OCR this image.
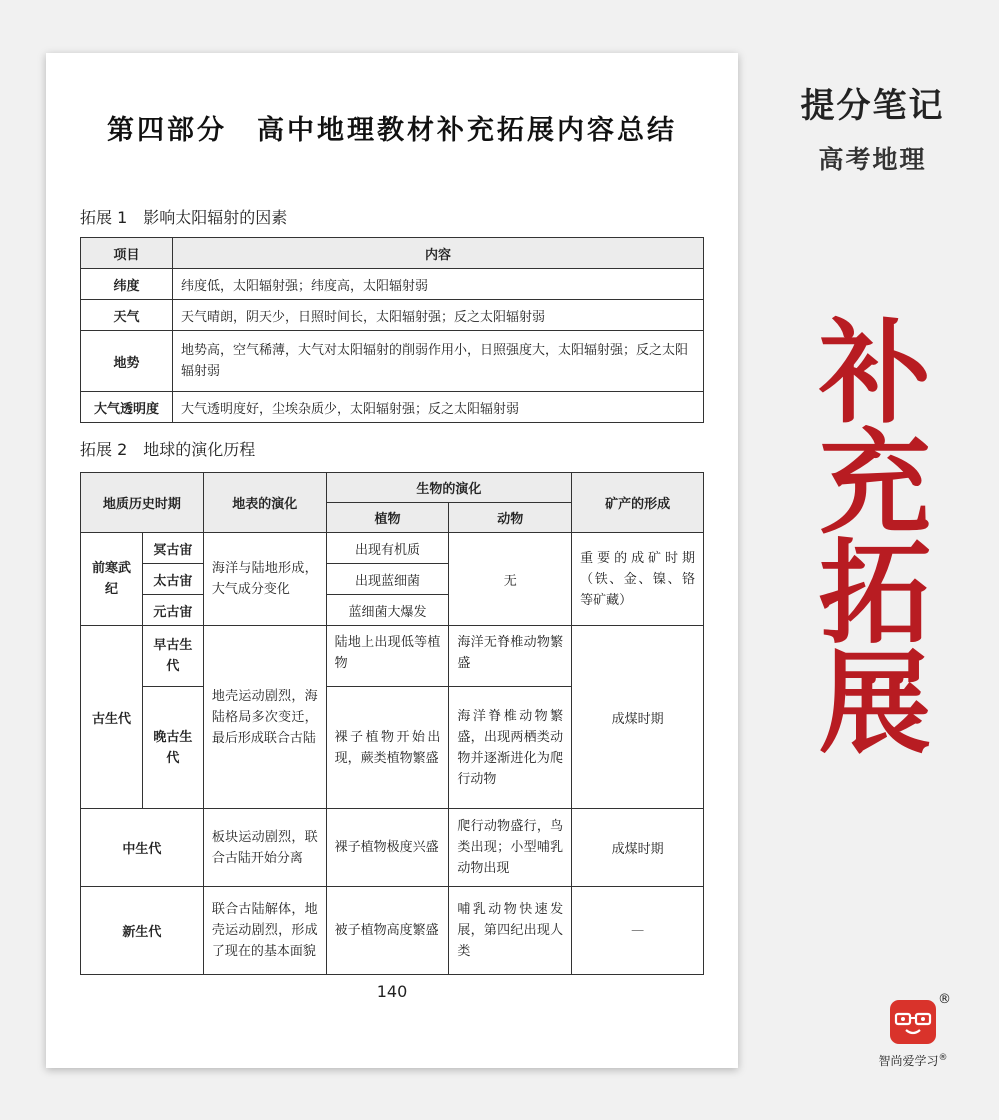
第四部分　高中地理教材补充拓展内容总结
拓展 1　影响太阳辐射的因素
项目	内容
纬度	纬度低，太阳辐射强；纬度高，太阳辐射弱
天气	天气晴朗，阴天少，日照时间长，太阳辐射强；反之太阳辐射弱
地势	地势高，空气稀薄，大气对太阳辐射的削弱作用小，日照强度大，太阳辐射强；反之太阳辐射弱
大气透明度	大气透明度好，尘埃杂质少，太阳辐射强；反之太阳辐射弱
拓展 2　地球的演化历程
地质历史时期		地表的演化	生物的演化		矿产的形成
			植物	动物	
前寒武纪	冥古宙	海洋与陆地形成，大气成分变化	出现有机质	无	重要的成矿时期（铁、金、镍、铬等矿藏）
	太古宙		出现蓝细菌		
	元古宙		蓝细菌大爆发		
古生代	早古生代	地壳运动剧烈，海陆格局多次变迁，最后形成联合古陆	陆地上出现低等植物	海洋无脊椎动物繁盛	成煤时期
	晚古生代		裸子植物开始出现，蕨类植物繁盛	海洋脊椎动物繁盛，出现两栖类动物并逐渐进化为爬行动物	
中生代		板块运动剧烈，联合古陆开始分离	裸子植物极度兴盛	爬行动物盛行，鸟类出现；小型哺乳动物出现	成煤时期
新生代		联合古陆解体，地壳运动剧烈，形成了现在的基本面貌	被子植物高度繁盛	哺乳动物快速发展，第四纪出现人类	—
140
提分笔记
高考地理
补
充
拓
展
®
智尚爱学习®
